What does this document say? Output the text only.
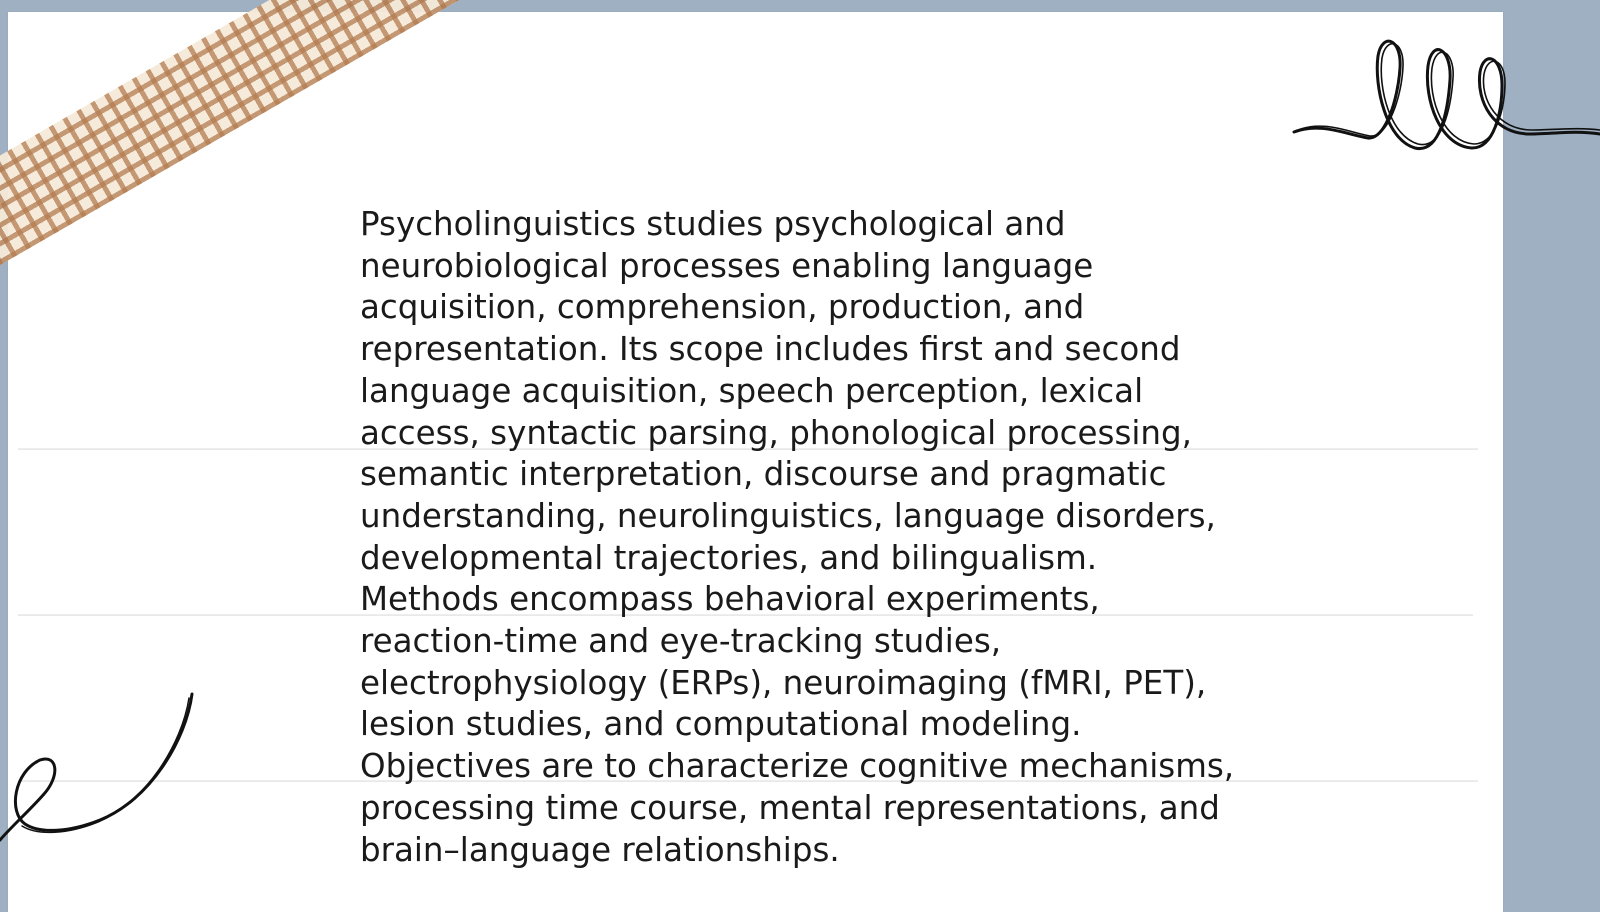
Psycholinguistics studies psychological and
neurobiological processes enabling language
acquisition, comprehension, production, and
representation. Its scope includes first and second
language acquisition, speech perception, lexical
access, syntactic parsing, phonological processing,
semantic interpretation, discourse and pragmatic
understanding, neurolinguistics, language disorders,
developmental trajectories, and bilingualism.
Methods encompass behavioral experiments,
reaction-time and eye-tracking studies,
electrophysiology (ERPs), neuroimaging (fMRI, PET),
lesion studies, and computational modeling.
Objectives are to characterize cognitive mechanisms,
processing time course, mental representations, and
brain–language relationships.
